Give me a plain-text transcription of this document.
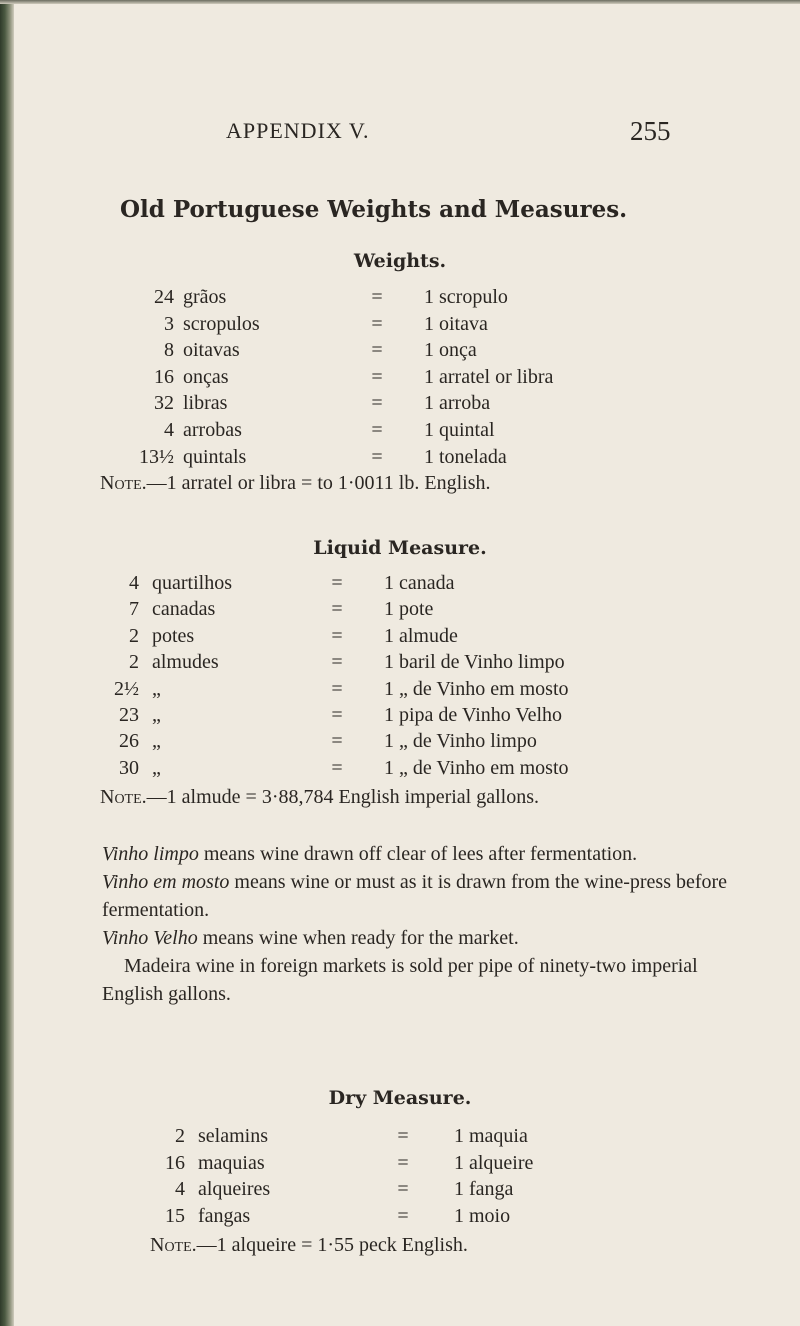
APPENDIX V.	255
Old Portuguese Weights and Measures.
Weights.
24 grãos	= 1 scropulo
3 scropulos	= 1 oitava
8 oitavas	= 1 onça
16 onças	= 1 arratel or libra
32 libras	= 1 arroba
4 arrobas	= 1 quintal
13½ quintals	= 1 tonelada
Note.—1 arratel or libra = to 1·0011 lb. English.
Liquid Measure.
4 quartilhos	= 1 canada
7 canadas	= 1 pote
2 potes	= 1 almude
2 almudes	= 1 baril de Vinho limpo
2½ „	= 1 „ de Vinho em mosto
23 „	= 1 pipa de Vinho Velho
26 „	= 1 „ de Vinho limpo
30 „	= 1 „ de Vinho em mosto
Note.—1 almude = 3·88,784 English imperial gallons.

Vinho limpo means wine drawn off clear of lees after fermentation.

Vinho em mosto means wine or must as it is drawn from the wine-press before fermentation.

Vinho Velho means wine when ready for the market.

Madeira wine in foreign markets is sold per pipe of ninety-two imperial English gallons.

Dry Measure.
2 selamins	= 1 maquia
16 maquias	= 1 alqueire
4 alqueires	= 1 fanga
15 fangas	= 1 moio
Note.—1 alqueire = 1·55 peck English.
